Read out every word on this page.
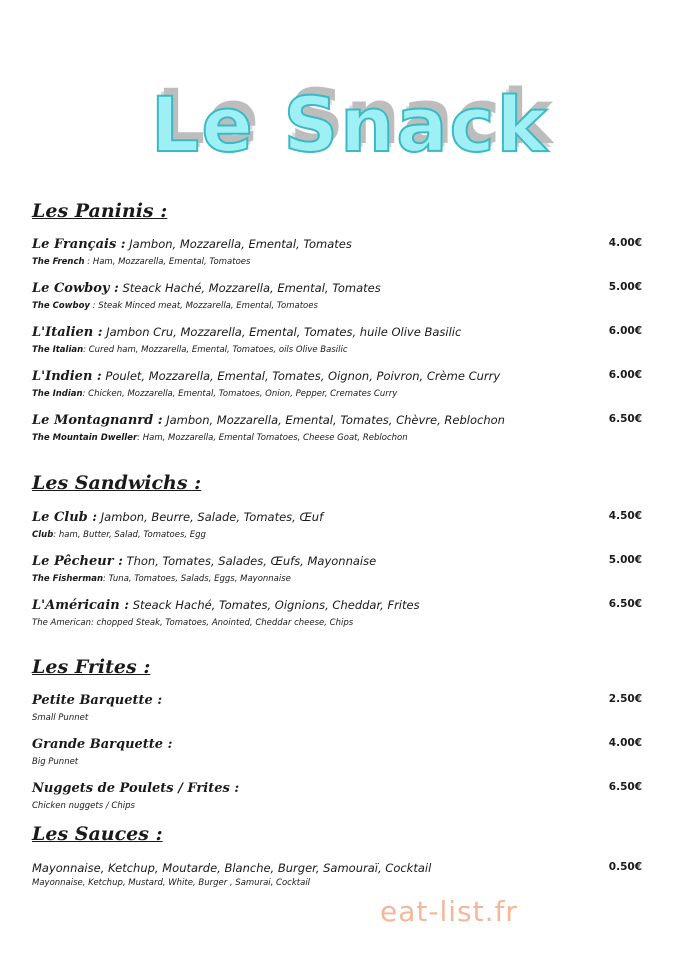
Le Snack
Les Paninis :
Le Français : Jambon, Mozzarella, Emental, Tomates
The French : Ham, Mozzarella, Emental, Tomatoes
4.00€
Le Cowboy : Steack Haché, Mozzarella, Emental, Tomates
The Cowboy : Steak Minced meat, Mozzarella, Emental, Tomatoes
5.00€
L'Italien : Jambon Cru, Mozzarella, Emental, Tomates, huile Olive Basilic
The Italian: Cured ham, Mozzarella, Emental, Tomatoes, oils Olive Basilic
6.00€
L'Indien : Poulet, Mozzarella, Emental, Tomates, Oignon, Poivron, Crème Curry
The Indian: Chicken, Mozzarella, Emental, Tomatoes, Onion, Pepper, Cremates Curry
6.00€
Le Montagnanrd : Jambon, Mozzarella, Emental, Tomates, Chèvre, Reblochon
The Mountain Dweller: Ham, Mozzarella, Emental Tomatoes, Cheese Goat, Reblochon
6.50€
Les Sandwichs :
Le Club : Jambon, Beurre, Salade, Tomates, Œuf
Club: ham, Butter, Salad, Tomatoes, Egg
4.50€
Le Pêcheur : Thon, Tomates, Salades, Œufs, Mayonnaise
The Fisherman: Tuna, Tomatoes, Salads, Eggs, Mayonnaise
5.00€
L'Américain : Steack Haché, Tomates, Oignions, Cheddar, Frites
The American: chopped Steak, Tomatoes, Anointed, Cheddar cheese, Chips
6.50€
Les Frites :
Petite Barquette :
Small Punnet
2.50€
Grande Barquette :
Big Punnet
4.00€
Nuggets de Poulets / Frites :
Chicken nuggets / Chips
6.50€
Les Sauces :
Mayonnaise, Ketchup, Moutarde, Blanche, Burger, Samouraï, Cocktail
Mayonnaise, Ketchup, Mustard, White, Burger , Samurai, Cocktail
0.50€
eat-list.fr
